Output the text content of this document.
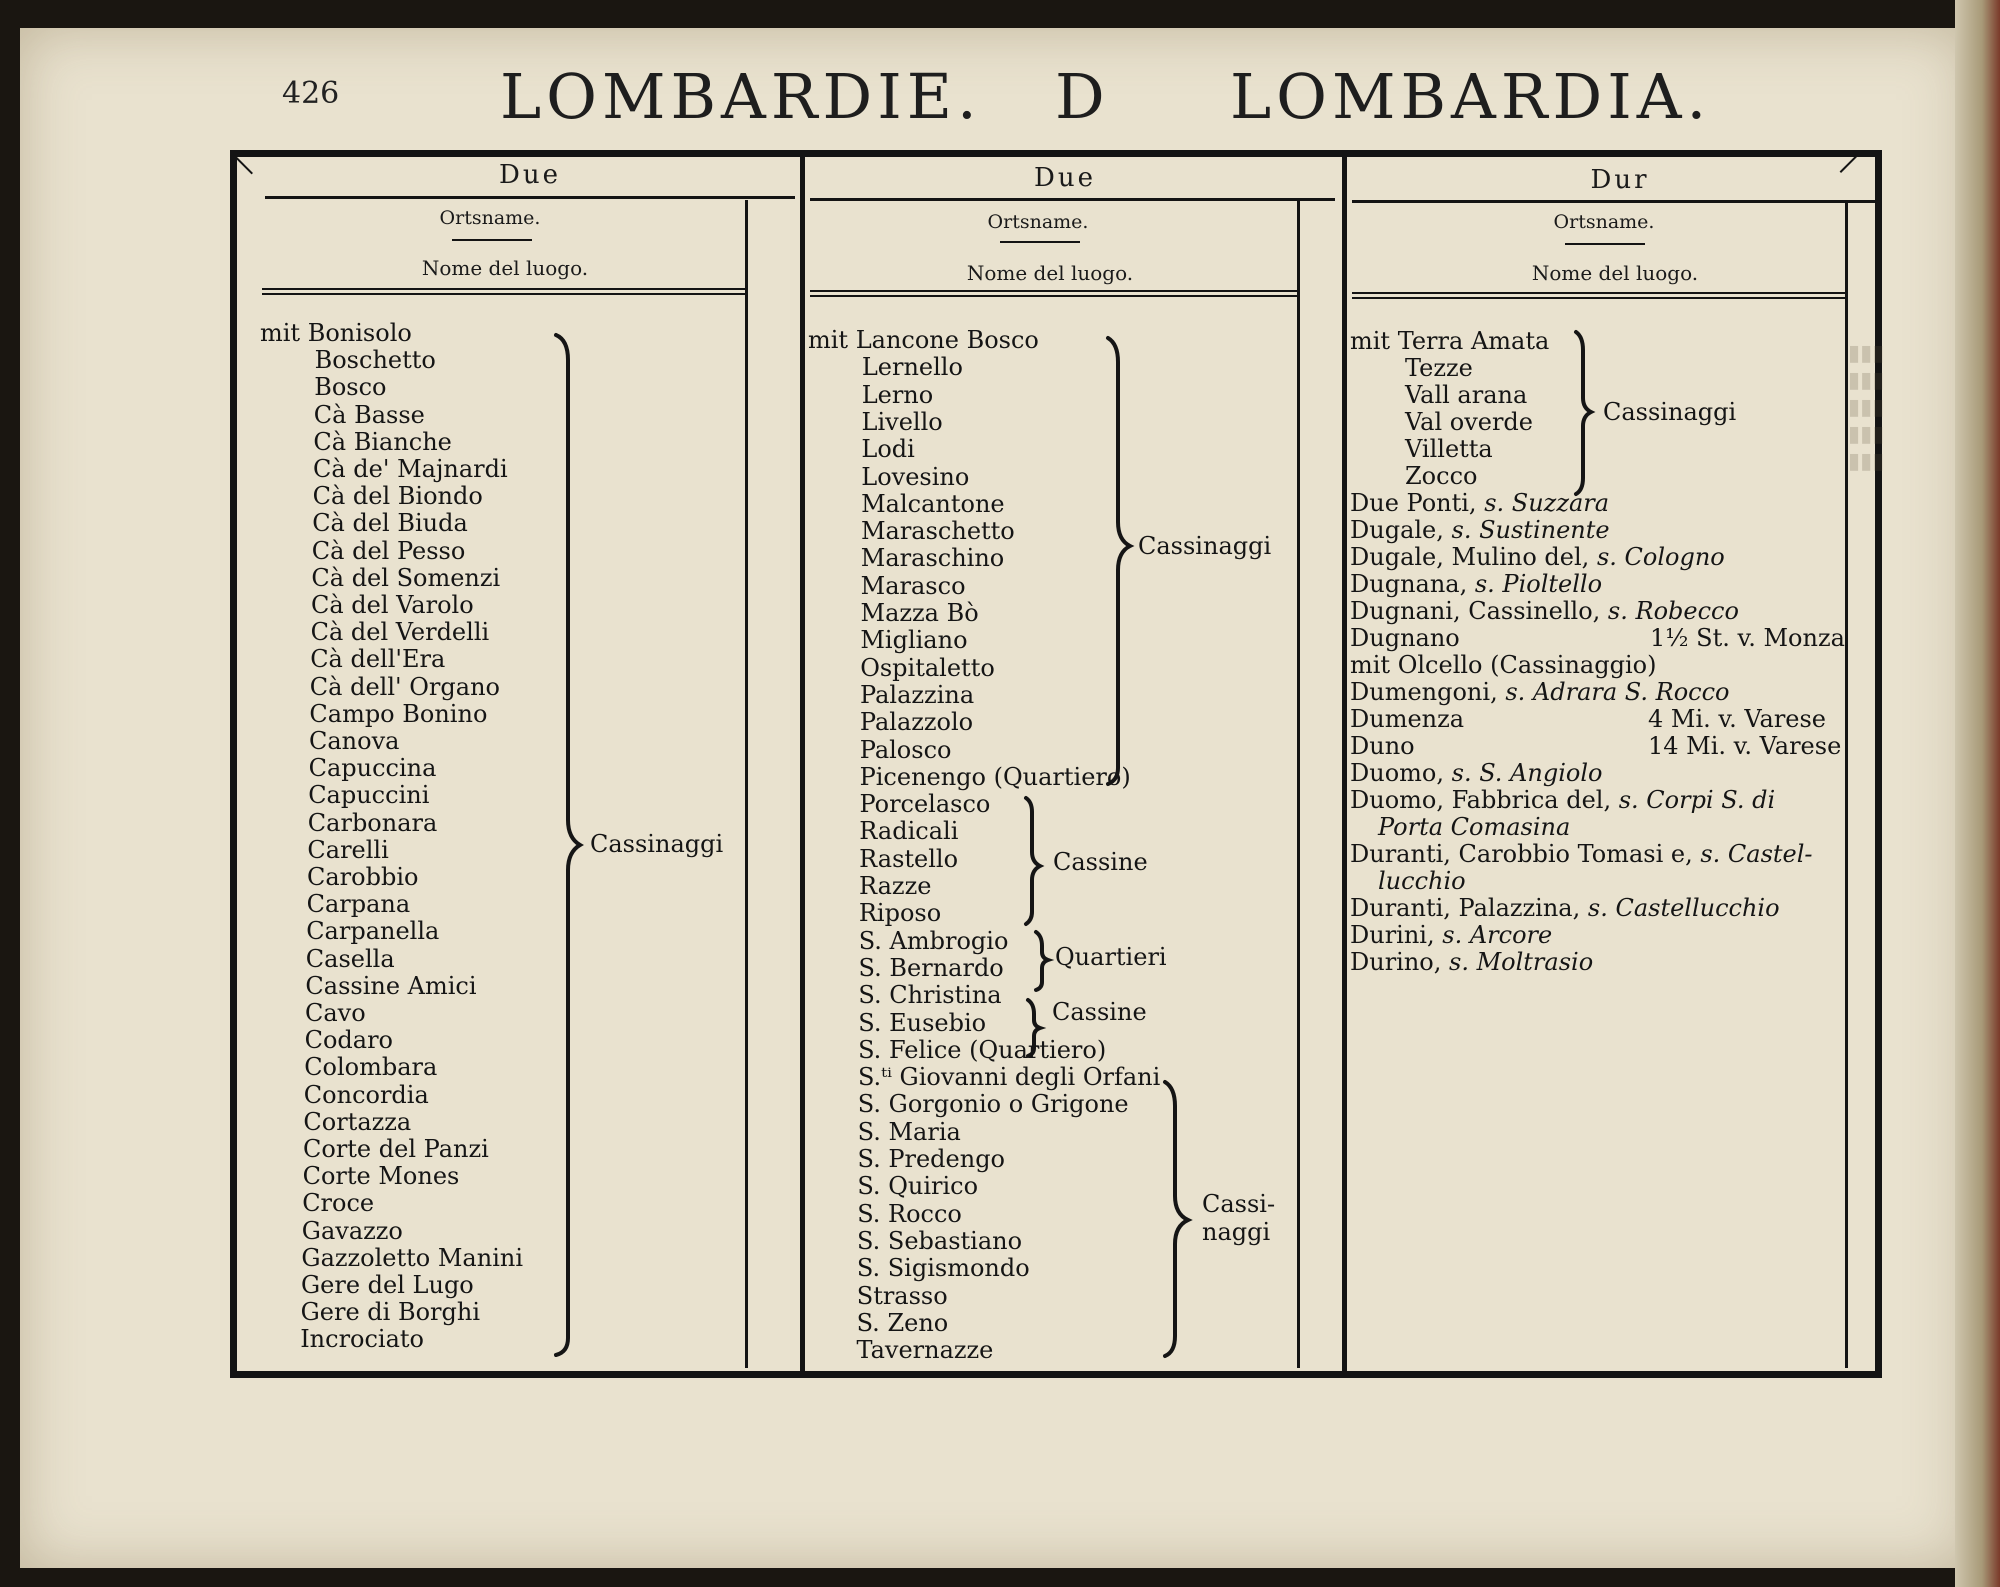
426	LOMBARDIE. D LOMBARDIA.
Due	Due	Dur
Ortsname.	Ortsname.	Ortsname.
Nome del luogo.	Nome del luogo.	Nome del luogo.
▮▮▮
▮▮▮
▮▮▮
▮▮▮
▮▮▮
mit Bonisolo
Boschetto
Bosco
Cà Basse
Cà Bianche
Cà de' Majnardi
Cà del Biondo
Cà del Biuda
Cà del Pesso
Cà del Somenzi
Cà del Varolo
Cà del Verdelli
Cà dell'Era
Cà dell' Organo
Campo Bonino
Canova
Capuccina
Capuccini
Carbonara
Carelli
Carobbio
Carpana
Carpanella
Casella
Cassine Amici
Cavo
Codaro
Colombara
Concordia
Cortazza
Corte del Panzi
Corte Mones
Croce
Gavazzo
Gazzoletto Manini
Gere del Lugo
Gere di Borghi
Incrociato
mit Lancone Bosco
Lernello
Lerno
Livello
Lodi
Lovesino
Malcantone
Maraschetto
Maraschino
Marasco
Mazza Bò
Migliano
Ospitaletto
Palazzina
Palazzolo
Palosco
Picenengo (Quartiero)
Porcelasco
Radicali
Rastello
Razze
Riposo
S. Ambrogio
S. Bernardo
S. Christina
S. Eusebio
S. Felice (Quartiero)
S.ᵗⁱ Giovanni degli Orfani
S. Gorgonio o Grigone
S. Maria
S. Predengo
S. Quirico
S. Rocco
S. Sebastiano
S. Sigismondo
Strasso
S. Zeno
Tavernazze
mit Terra Amata
Tezze
Vall arana
Val overde
Villetta
Zocco
Due Ponti, s. Suzzara
Dugale, s. Sustinente
Dugale, Mulino del, s. Cologno
Dugnana, s. Pioltello
Dugnani, Cassinello, s. Robecco
Dugnano	1½ St. v. Monza
mit Olcello (Cassinaggio)
Dumengoni, s. Adrara S. Rocco
Dumenza	4 Mi. v. Varese
Duno	14 Mi. v. Varese
Duomo, s. S. Angiolo
Duomo, Fabbrica del, s. Corpi S. di
Porta Comasina
Duranti, Carobbio Tomasi e, s. Castel-
lucchio
Duranti, Palazzina, s. Castellucchio
Durini, s. Arcore
Durino, s. Moltrasio
Cassinaggi
Cassinaggi
Cassine
Quartieri
Cassine
Cassi-
naggi
Cassinaggi
